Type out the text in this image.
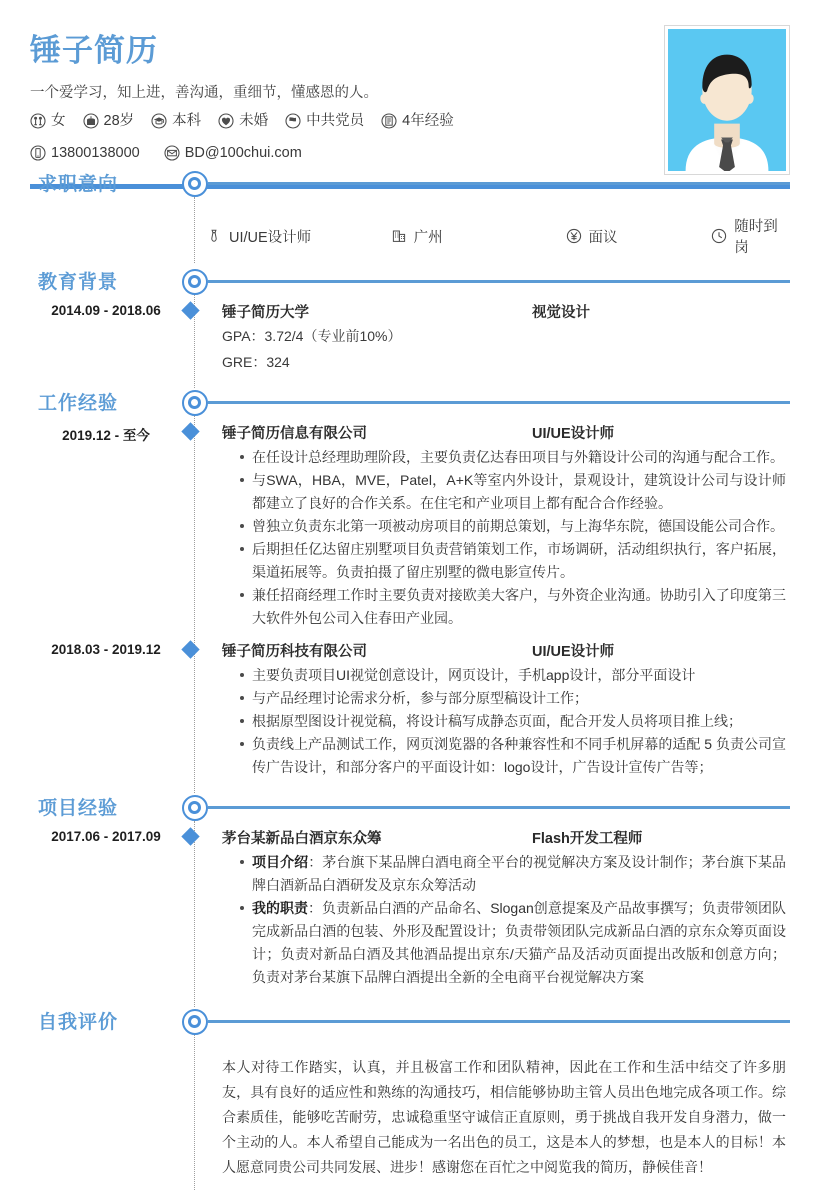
锤子简历
一个爱学习，知上进，善沟通，重细节，懂感恩的人。
女	28岁	本科	未婚	中共党员	4年经验
13800138000	BD@100chui.com
求职意向
UI/UE设计师	广州	面议
随时到岗
教育背景
2014.09 - 2018.06	锤子简历大学	视觉设计
GPA：3.72/4（专业前10%）
GRE：324
工作经验
2019.12 - 至今	锤子简历信息有限公司	UI/UE设计师
在任设计总经理助理阶段，主要负责亿达春田项目与外籍设计公司的沟通与配合工作。
与SWA，HBA，MVE，Patel，A+K等室内外设计，景观设计，建筑设计公司与设计师都建立了良好的合作关系。在住宅和产业项目上都有配合合作经验。
曾独立负责东北第一项被动房项目的前期总策划，与上海华东院，德国设能公司合作。
后期担任亿达留庄别墅项目负责营销策划工作，市场调研，活动组织执行，客户拓展，渠道拓展等。负责拍摄了留庄别墅的微电影宣传片。
兼任招商经理工作时主要负责对接欧美大客户，与外资企业沟通。协助引入了印度第三大软件外包公司入住春田产业园。
2018.03 - 2019.12	锤子简历科技有限公司	UI/UE设计师
主要负责项目UI视觉创意设计，网页设计，手机app设计，部分平面设计
与产品经理讨论需求分析，参与部分原型稿设计工作；
根据原型图设计视觉稿，将设计稿写成静态页面，配合开发人员将项目推上线；
负责线上产品测试工作，网页浏览器的各种兼容性和不同手机屏幕的适配 5 负责公司宣传广告设计，和部分客户的平面设计如：logo设计，广告设计宣传广告等；
项目经验
2017.06 - 2017.09	茅台某新品白酒京东众筹	Flash开发工程师
项目介绍：茅台旗下某品牌白酒电商全平台的视觉解决方案及设计制作；茅台旗下某品牌白酒新品白酒研发及京东众筹活动
我的职责：负责新品白酒的产品命名、Slogan创意提案及产品故事撰写；负责带领团队完成新品白酒的包装、外形及配置设计；负责带领团队完成新品白酒的京东众筹页面设计；负责对新品白酒及其他酒品提出京东/天猫产品及活动页面提出改版和创意方向；负责对茅台某旗下品牌白酒提出全新的全电商平台视觉解决方案
自我评价
本人对待工作踏实，认真，并且极富工作和团队精神，因此在工作和生活中结交了许多朋友，具有良好的适应性和熟练的沟通技巧，相信能够协助主管人员出色地完成各项工作。综合素质佳，能够吃苦耐劳，忠诚稳重坚守诚信正直原则，勇于挑战自我开发自身潜力，做一个主动的人。本人希望自己能成为一名出色的员工，这是本人的梦想，也是本人的目标！本人愿意同贵公司共同发展、进步！感谢您在百忙之中阅览我的简历，静候佳音！
